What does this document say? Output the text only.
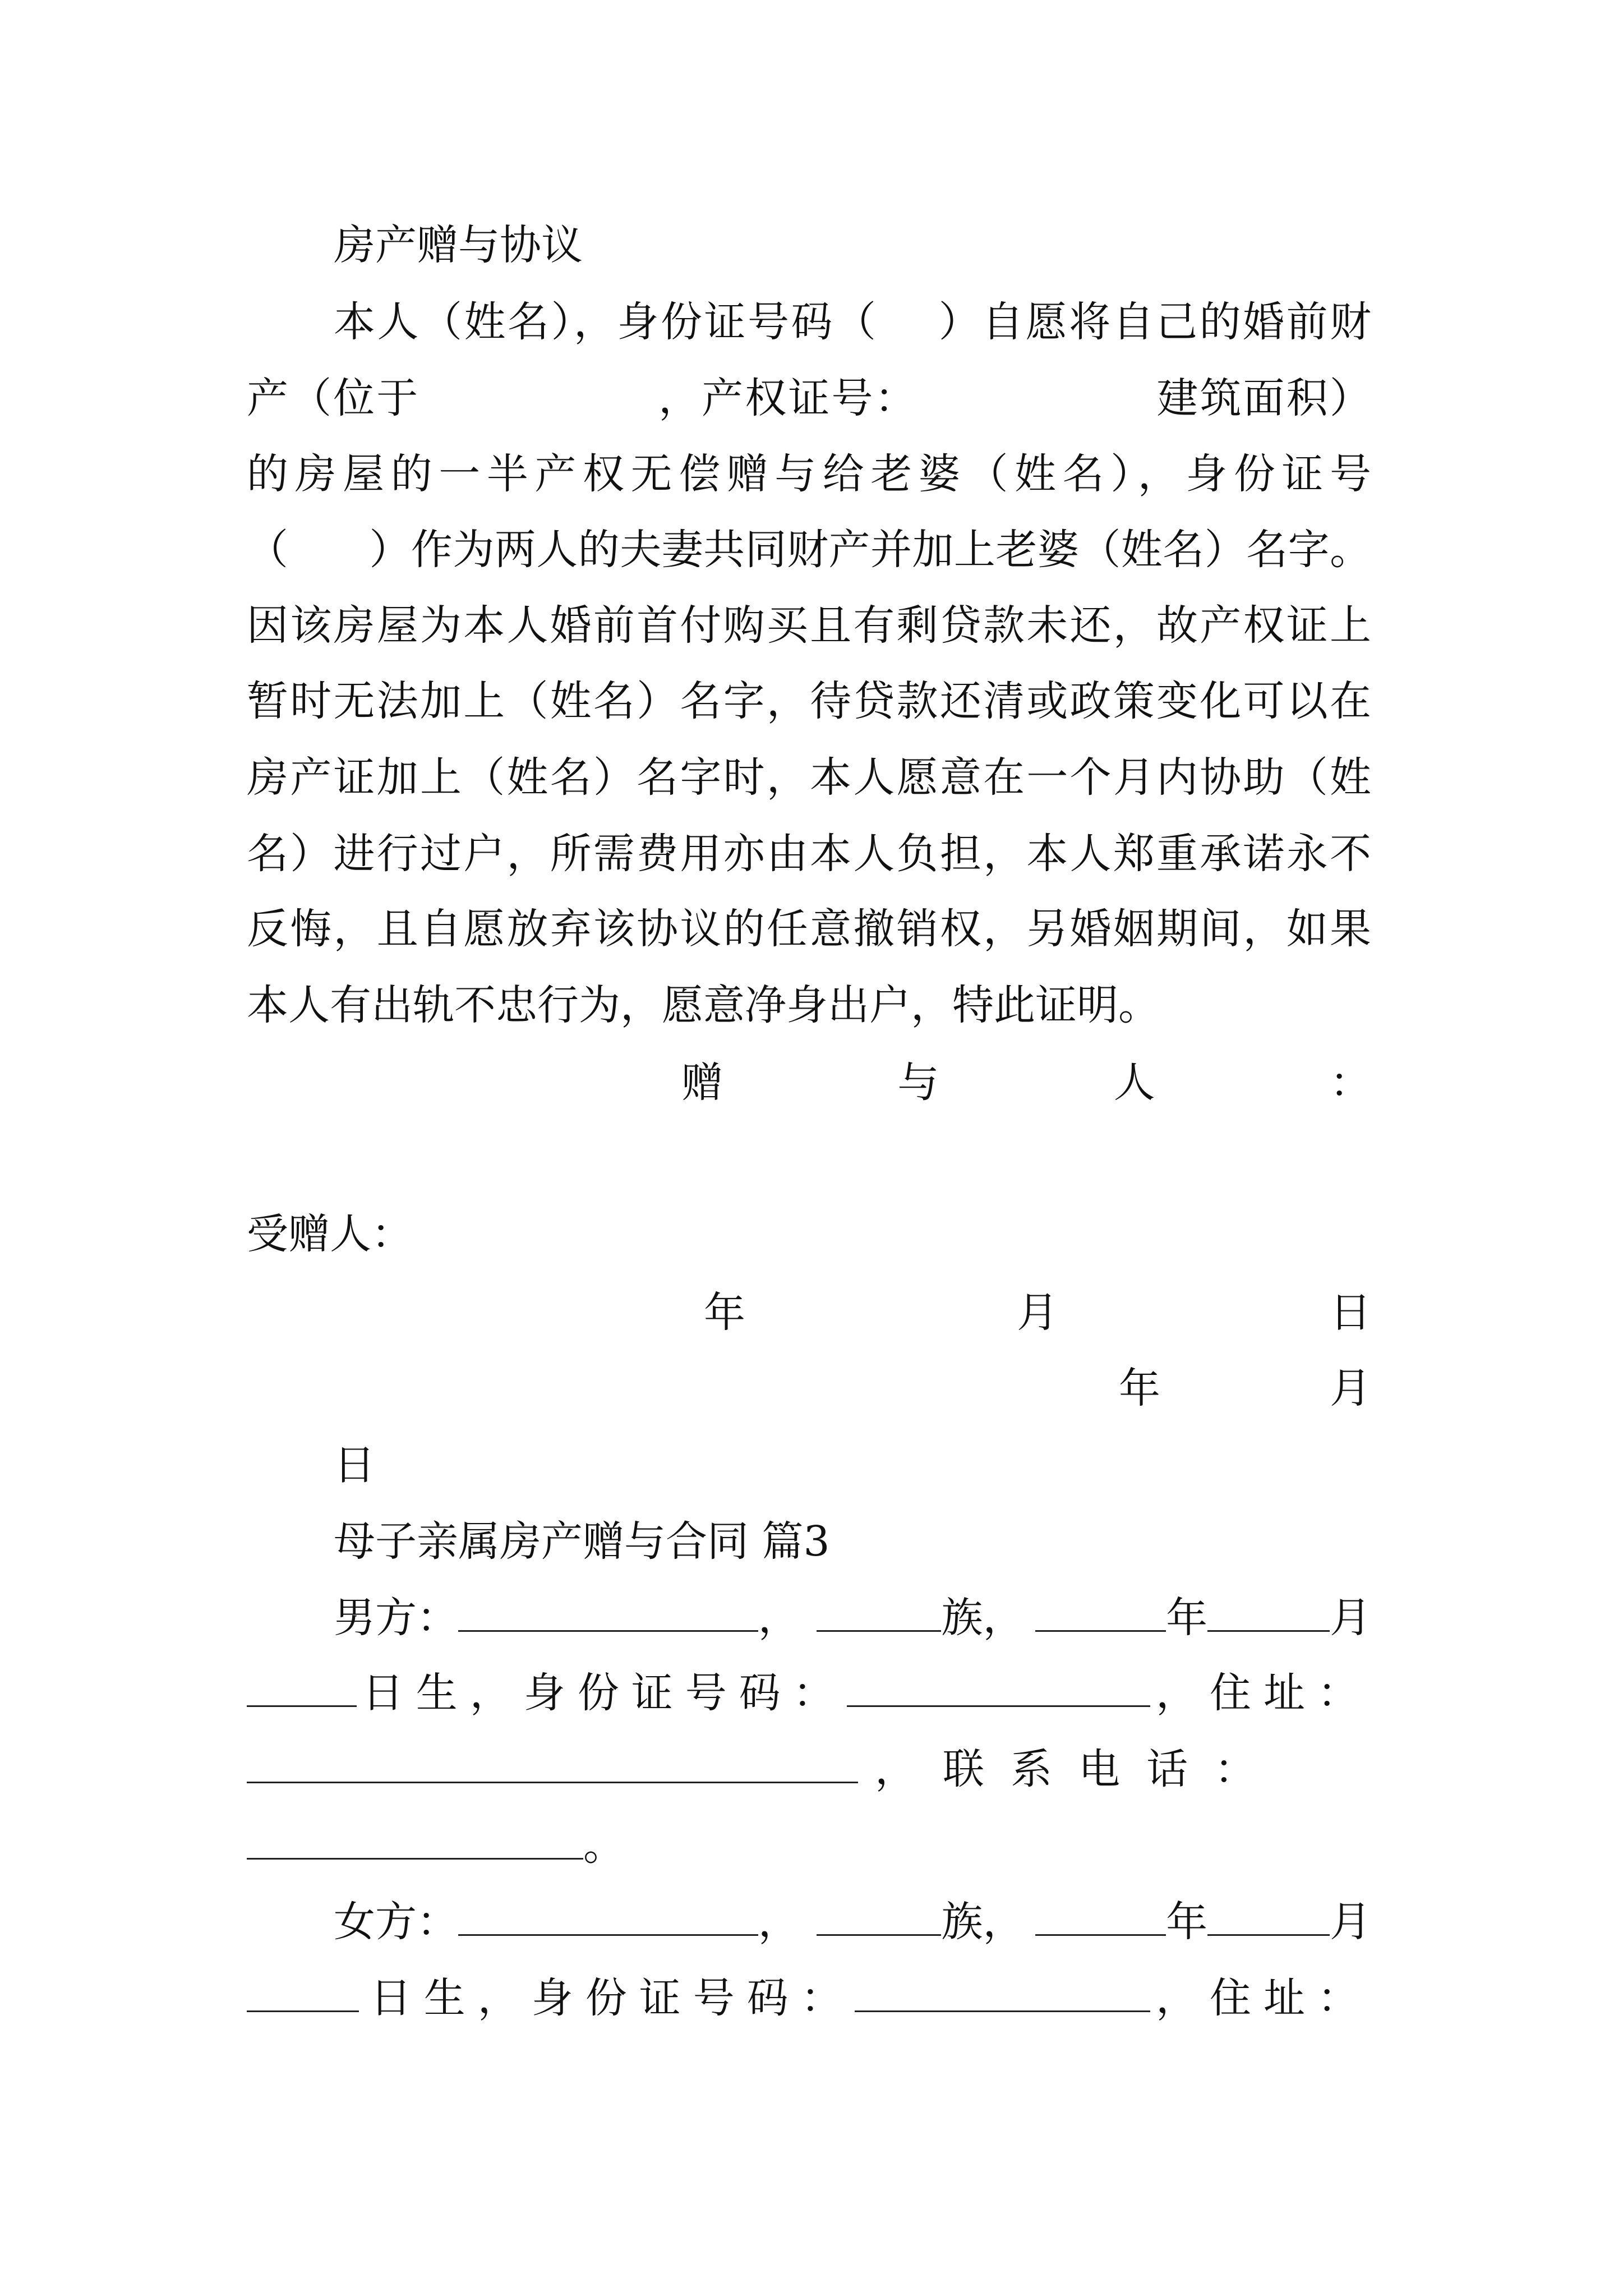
房产赠与协议
本人（姓名），身份证号码（    ）自愿将自己的婚前财
产（位于                ，产权证号：                建筑面积）
的房屋的一半产权无偿赠与给老婆（姓名），身份证号
（      ）作为两人的夫妻共同财产并加上老婆（姓名）名字。
因该房屋为本人婚前首付购买且有剩贷款未还，故产权证上
暂时无法加上（姓名）名字，待贷款还清或政策变化可以在
房产证加上（姓名）名字时，本人愿意在一个月内协助（姓
名）进行过户，所需费用亦由本人负担，本人郑重承诺永不
反悔，且自愿放弃该协议的任意撤销权，另婚姻期间，如果
本人有出轨不忠行为，愿意净身出户，特此证明。
赠	与	人	：
受赠人：
年	月	日
年	月
日
母子亲属房产赠与合同 篇3
男方：	，	族，	年	月
日生，身份证号码：	，住址：
，  联  系  电  话  ：
。
女方：	，	族，	年	月
日生，身份证号码：	，住址：
